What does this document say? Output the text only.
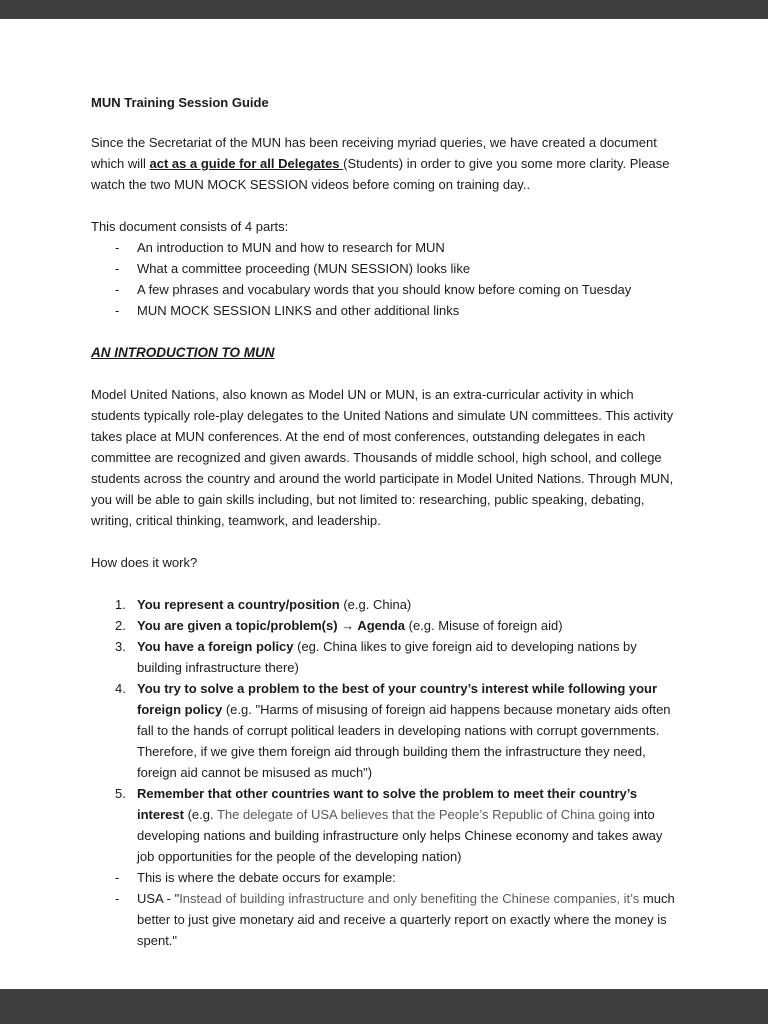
MUN Training Session Guide

Since the Secretariat of the MUN has been receiving myriad queries, we have created a document which will act as a guide for all Delegates (Students) in order to give you some more clarity. Please watch the two MUN MOCK SESSION videos before coming on training day..

This document consists of 4 parts:

-	An introduction to MUN and how to research for MUN
-	What a committee proceeding (MUN SESSION) looks like
-	A few phrases and vocabulary words that you should know before coming on Tuesday
-	MUN MOCK SESSION LINKS and other additional links
AN INTRODUCTION TO MUN

Model United Nations, also known as Model UN or MUN, is an extra-curricular activity in which students typically role-play delegates to the United Nations and simulate UN committees. This activity takes place at MUN conferences. At the end of most conferences, outstanding delegates in each committee are recognized and given awards. Thousands of middle school, high school, and college students across the country and around the world participate in Model United Nations. Through MUN, you will be able to gain skills including, but not limited to: researching, public speaking, debating, writing, critical thinking, teamwork, and leadership.

How does it work?

1. You represent a country/position (e.g. China)
2. You are given a topic/problem(s) → Agenda (e.g. Misuse of foreign aid)
3. You have a foreign policy (eg. China likes to give foreign aid to developing nations by building infrastructure there)
4. You try to solve a problem to the best of your country’s interest while following your foreign policy (e.g. "Harms of misusing of foreign aid happens because monetary aids often fall to the hands of corrupt political leaders in developing nations with corrupt governments. Therefore, if we give them foreign aid through building them the infrastructure they need, foreign aid cannot be misused as much")
5. Remember that other countries want to solve the problem to meet their country’s interest (e.g. The delegate of USA believes that the People’s Republic of China going into developing nations and building infrastructure only helps Chinese economy and takes away job opportunities for the people of the developing nation)
-	This is where the debate occurs for example:
-	USA - "Instead of building infrastructure and only benefiting the Chinese companies, it’s much better to just give monetary aid and receive a quarterly report on exactly where the money is spent."
